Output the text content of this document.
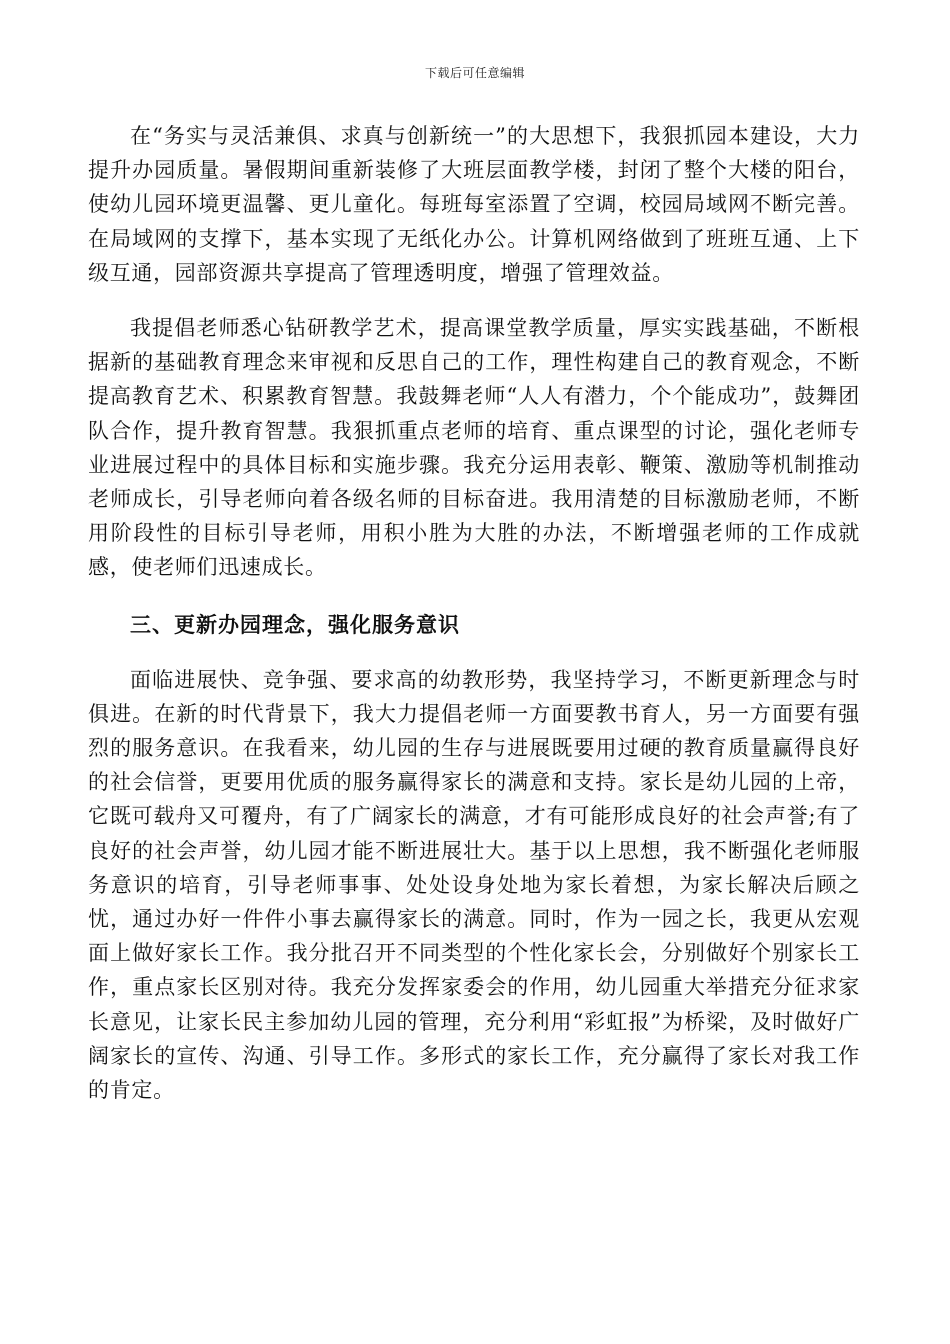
下载后可任意编辑

在“务实与灵活兼俱、求真与创新统一”的大思想下，我狠抓园本建设，大力提升办园质量。暑假期间重新装修了大班层面教学楼，封闭了整个大楼的阳台，使幼儿园环境更温馨、更儿童化。每班每室添置了空调，校园局域网不断完善。在局域网的支撑下，基本实现了无纸化办公。计算机网络做到了班班互通、上下级互通，园部资源共享提高了管理透明度，增强了管理效益。

我提倡老师悉心钻研教学艺术，提高课堂教学质量，厚实实践基础，不断根据新的基础教育理念来审视和反思自己的工作，理性构建自己的教育观念，不断提高教育艺术、积累教育智慧。我鼓舞老师“人人有潜力，个个能成功”，鼓舞团队合作，提升教育智慧。我狠抓重点老师的培育、重点课型的讨论，强化老师专业进展过程中的具体目标和实施步骤。我充分运用表彰、鞭策、激励等机制推动老师成长，引导老师向着各级名师的目标奋进。我用清楚的目标激励老师，不断用阶段性的目标引导老师，用积小胜为大胜的办法，不断增强老师的工作成就感，使老师们迅速成长。

三、更新办园理念，强化服务意识

面临进展快、竞争强、要求高的幼教形势，我坚持学习，不断更新理念与时俱进。在新的时代背景下，我大力提倡老师一方面要教书育人，另一方面要有强烈的服务意识。在我看来，幼儿园的生存与进展既要用过硬的教育质量赢得良好的社会信誉，更要用优质的服务赢得家长的满意和支持。家长是幼儿园的上帝，它既可载舟又可覆舟，有了广阔家长的满意，才有可能形成良好的社会声誉;有了良好的社会声誉，幼儿园才能不断进展壮大。基于以上思想，我不断强化老师服务意识的培育，引导老师事事、处处设身处地为家长着想，为家长解决后顾之忧，通过办好一件件小事去赢得家长的满意。同时，作为一园之长，我更从宏观面上做好家长工作。我分批召开不同类型的个性化家长会，分别做好个别家长工作，重点家长区别对待。我充分发挥家委会的作用，幼儿园重大举措充分征求家长意见，让家长民主参加幼儿园的管理，充分利用“彩虹报”为桥梁，及时做好广阔家长的宣传、沟通、引导工作。多形式的家长工作，充分赢得了家长对我工作的肯定。
